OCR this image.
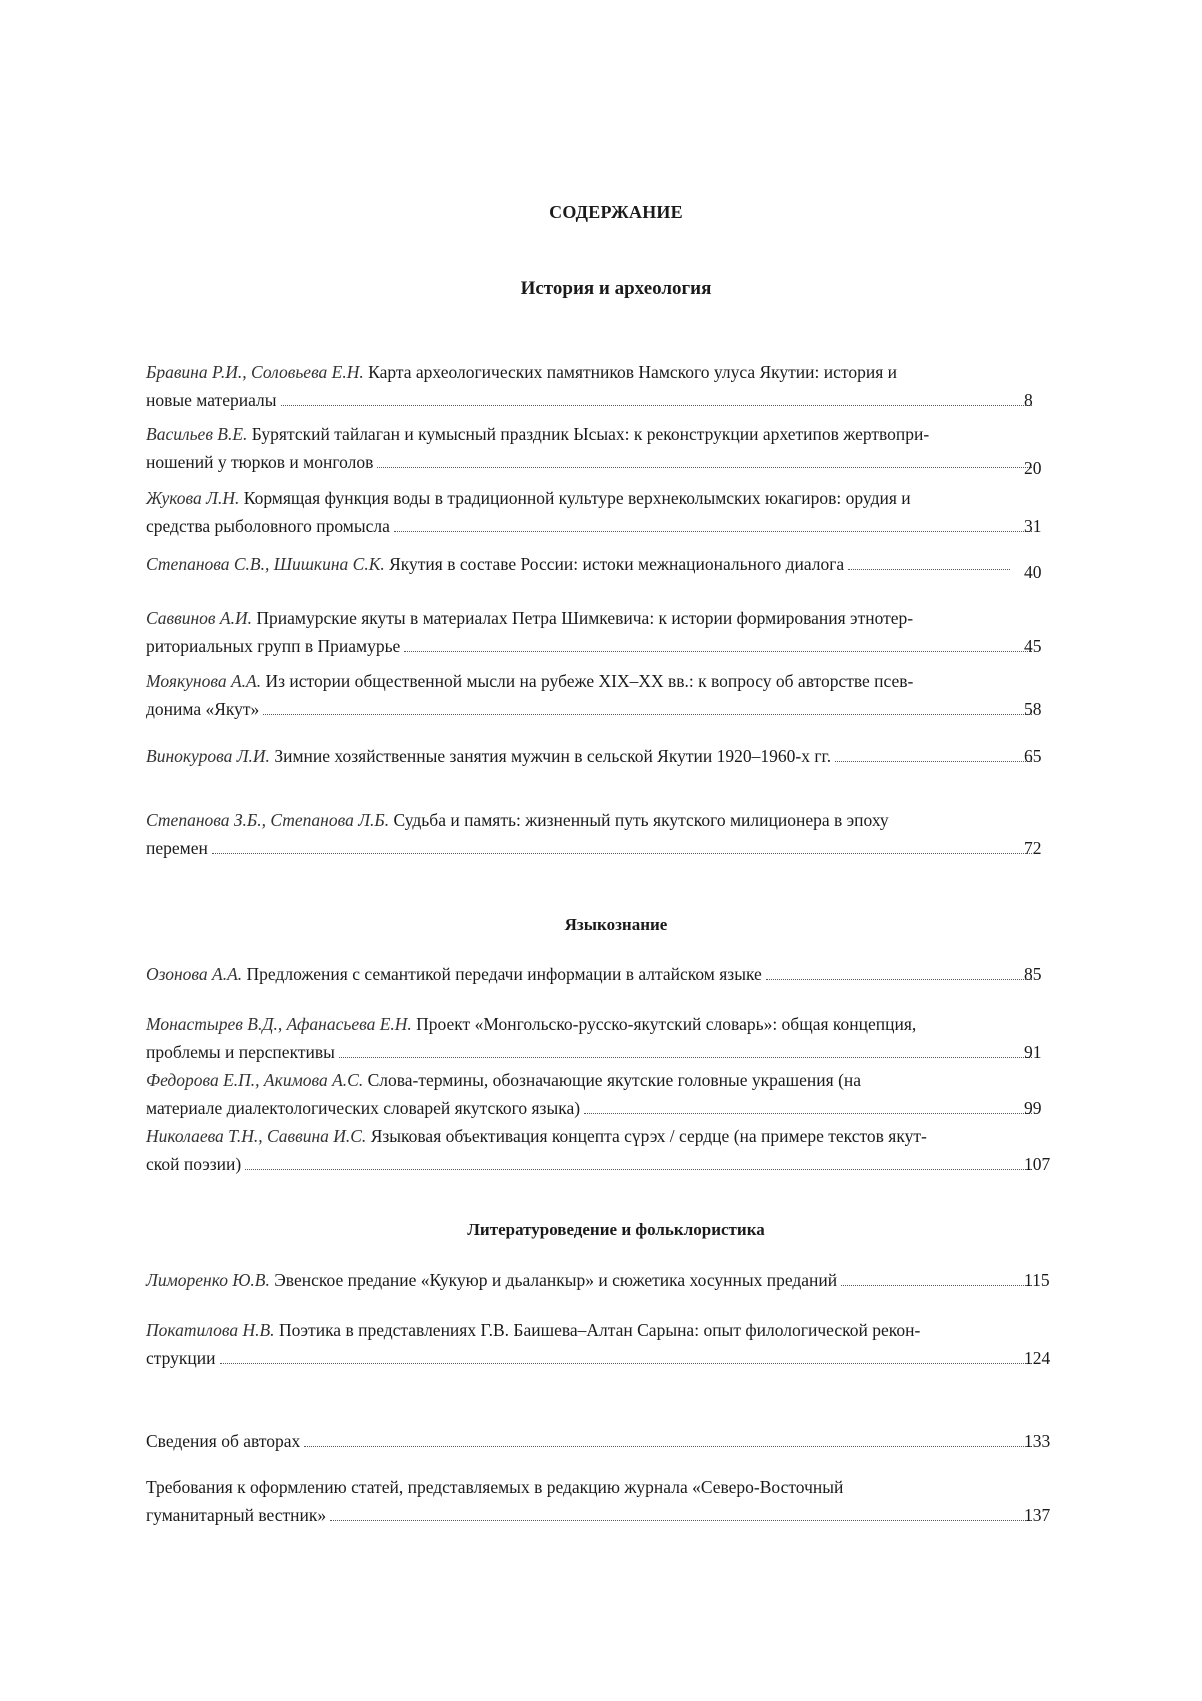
СОДЕРЖАНИЕ
История и археология
Языкознание
Литературоведение и фольклористика
Бравина Р.И., Соловьева Е.Н. Карта археологических памятников Намского улуса Якутии: история и
новые материалы	8
Васильев В.Е. Бурятский тайлаган и кумысный праздник Ысыах: к реконструкции архетипов жертвопри-
ношений у тюрков и монголов	20
Жукова Л.Н. Кормящая функция воды в традиционной культуре верхнеколымских юкагиров: орудия и
средства рыболовного промысла	31
Степанова С.В., Шишкина С.К. Якутия в составе России: истоки межнационального диалога	40
Саввинов А.И. Приамурские якуты в материалах Петра Шимкевича: к истории формирования этнотер-
риториальных групп в Приамурье	45
Моякунова А.А. Из истории общественной мысли на рубеже XIX–XX вв.: к вопросу об авторстве псев-
донима «Якут»	58
Винокурова Л.И. Зимние хозяйственные занятия мужчин в сельской Якутии 1920–1960-х гг.	65
Степанова З.Б., Степанова Л.Б. Судьба и память: жизненный путь якутского милиционера в эпоху
перемен	72
Озонова А.А. Предложения с семантикой передачи информации в алтайском языке	85
Монастырев В.Д., Афанасьева Е.Н. Проект «Монгольско-русско-якутский словарь»: общая концепция,
проблемы и перспективы	91
Федорова Е.П., Акимова А.С. Слова-термины, обозначающие якутские головные украшения (на
материале диалектологических словарей якутского языка)	99
Николаева Т.Н., Саввина И.С. Языковая объективация концепта сүрэх / сердце (на примере текстов якут-
ской поэзии)	107
Лиморенко Ю.В. Эвенское предание «Кукуюр и дьаланкыр» и сюжетика хосунных преданий	115
Покатилова Н.В. Поэтика в представлениях Г.В. Баишева–Алтан Сарына: опыт филологической рекон-
струкции	124
Сведения об авторах	133
Требования к оформлению статей, представляемых в редакцию журнала «Северо-Восточный
гуманитарный вестник»	137
